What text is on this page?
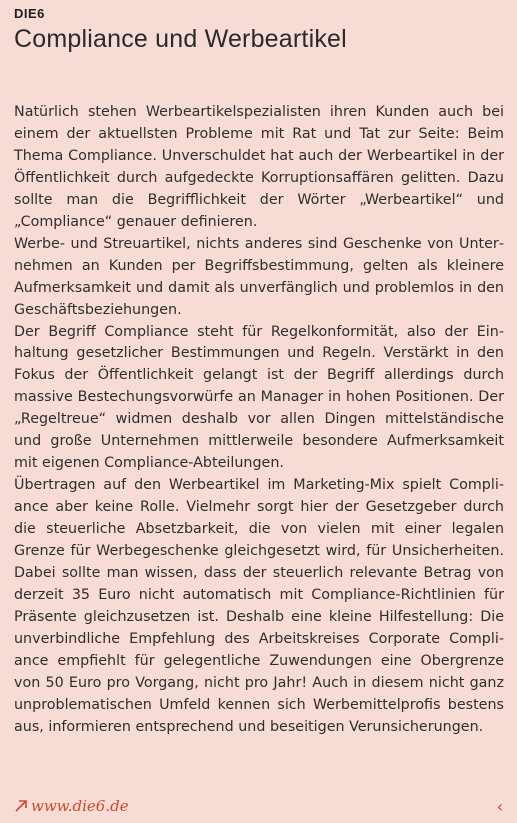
DIE6
Compliance und Werbeartikel

Natürlich stehen Werbeartikelspezialisten ihren Kunden auch bei einem der aktuellsten Probleme mit Rat und Tat zur Seite: Beim Thema Compliance. Unverschuldet hat auch der Werbeartikel in der Öffentlichkeit durch aufgedeckte Korruptionsaffären gelitten. Dazu sollte man die Begrifflichkeit der Wörter „Werbeartikel“ und „Compliance“ genauer definieren.

Werbe- und Streuartikel, nichts anderes sind Geschenke von Unternehmen an Kunden per Begriffsbestimmung, gelten als kleinere Aufmerksamkeit und damit als unverfänglich und problemlos in den Geschäftsbeziehungen.

Der Begriff Compliance steht für Regelkonformität, also der Einhaltung gesetzlicher Bestimmungen und Regeln. Verstärkt in den Fokus der Öffentlichkeit gelangt ist der Begriff allerdings durch massive Bestechungsvorwürfe an Manager in hohen Positionen. Der „Regeltreue“ widmen deshalb vor allen Dingen mittelständische und große Unternehmen mittlerweile besondere Aufmerksamkeit mit eigenen Compliance-Abteilungen.

Übertragen auf den Werbeartikel im Marketing-Mix spielt Compliance aber keine Rolle. Vielmehr sorgt hier der Gesetzgeber durch die steuerliche Absetzbarkeit, die von vielen mit einer legalen Grenze für Werbegeschenke gleichgesetzt wird, für Unsicherheiten. Dabei sollte man wissen, dass der steuerlich relevante Betrag von derzeit 35 Euro nicht automatisch mit Compliance-Richtlinien für Präsente gleichzusetzen ist. Deshalb eine kleine Hilfestellung: Die unverbindliche Empfehlung des Arbeitskreises Corporate Compliance empfiehlt für gelegentliche Zuwendungen eine Obergrenze von 50 Euro pro Vorgang, nicht pro Jahr! Auch in diesem nicht ganz unproblematischen Umfeld kennen sich Werbemittelprofis bestens aus, informieren entsprechend und beseitigen Verunsicherungen.

www.die6.de	‹
